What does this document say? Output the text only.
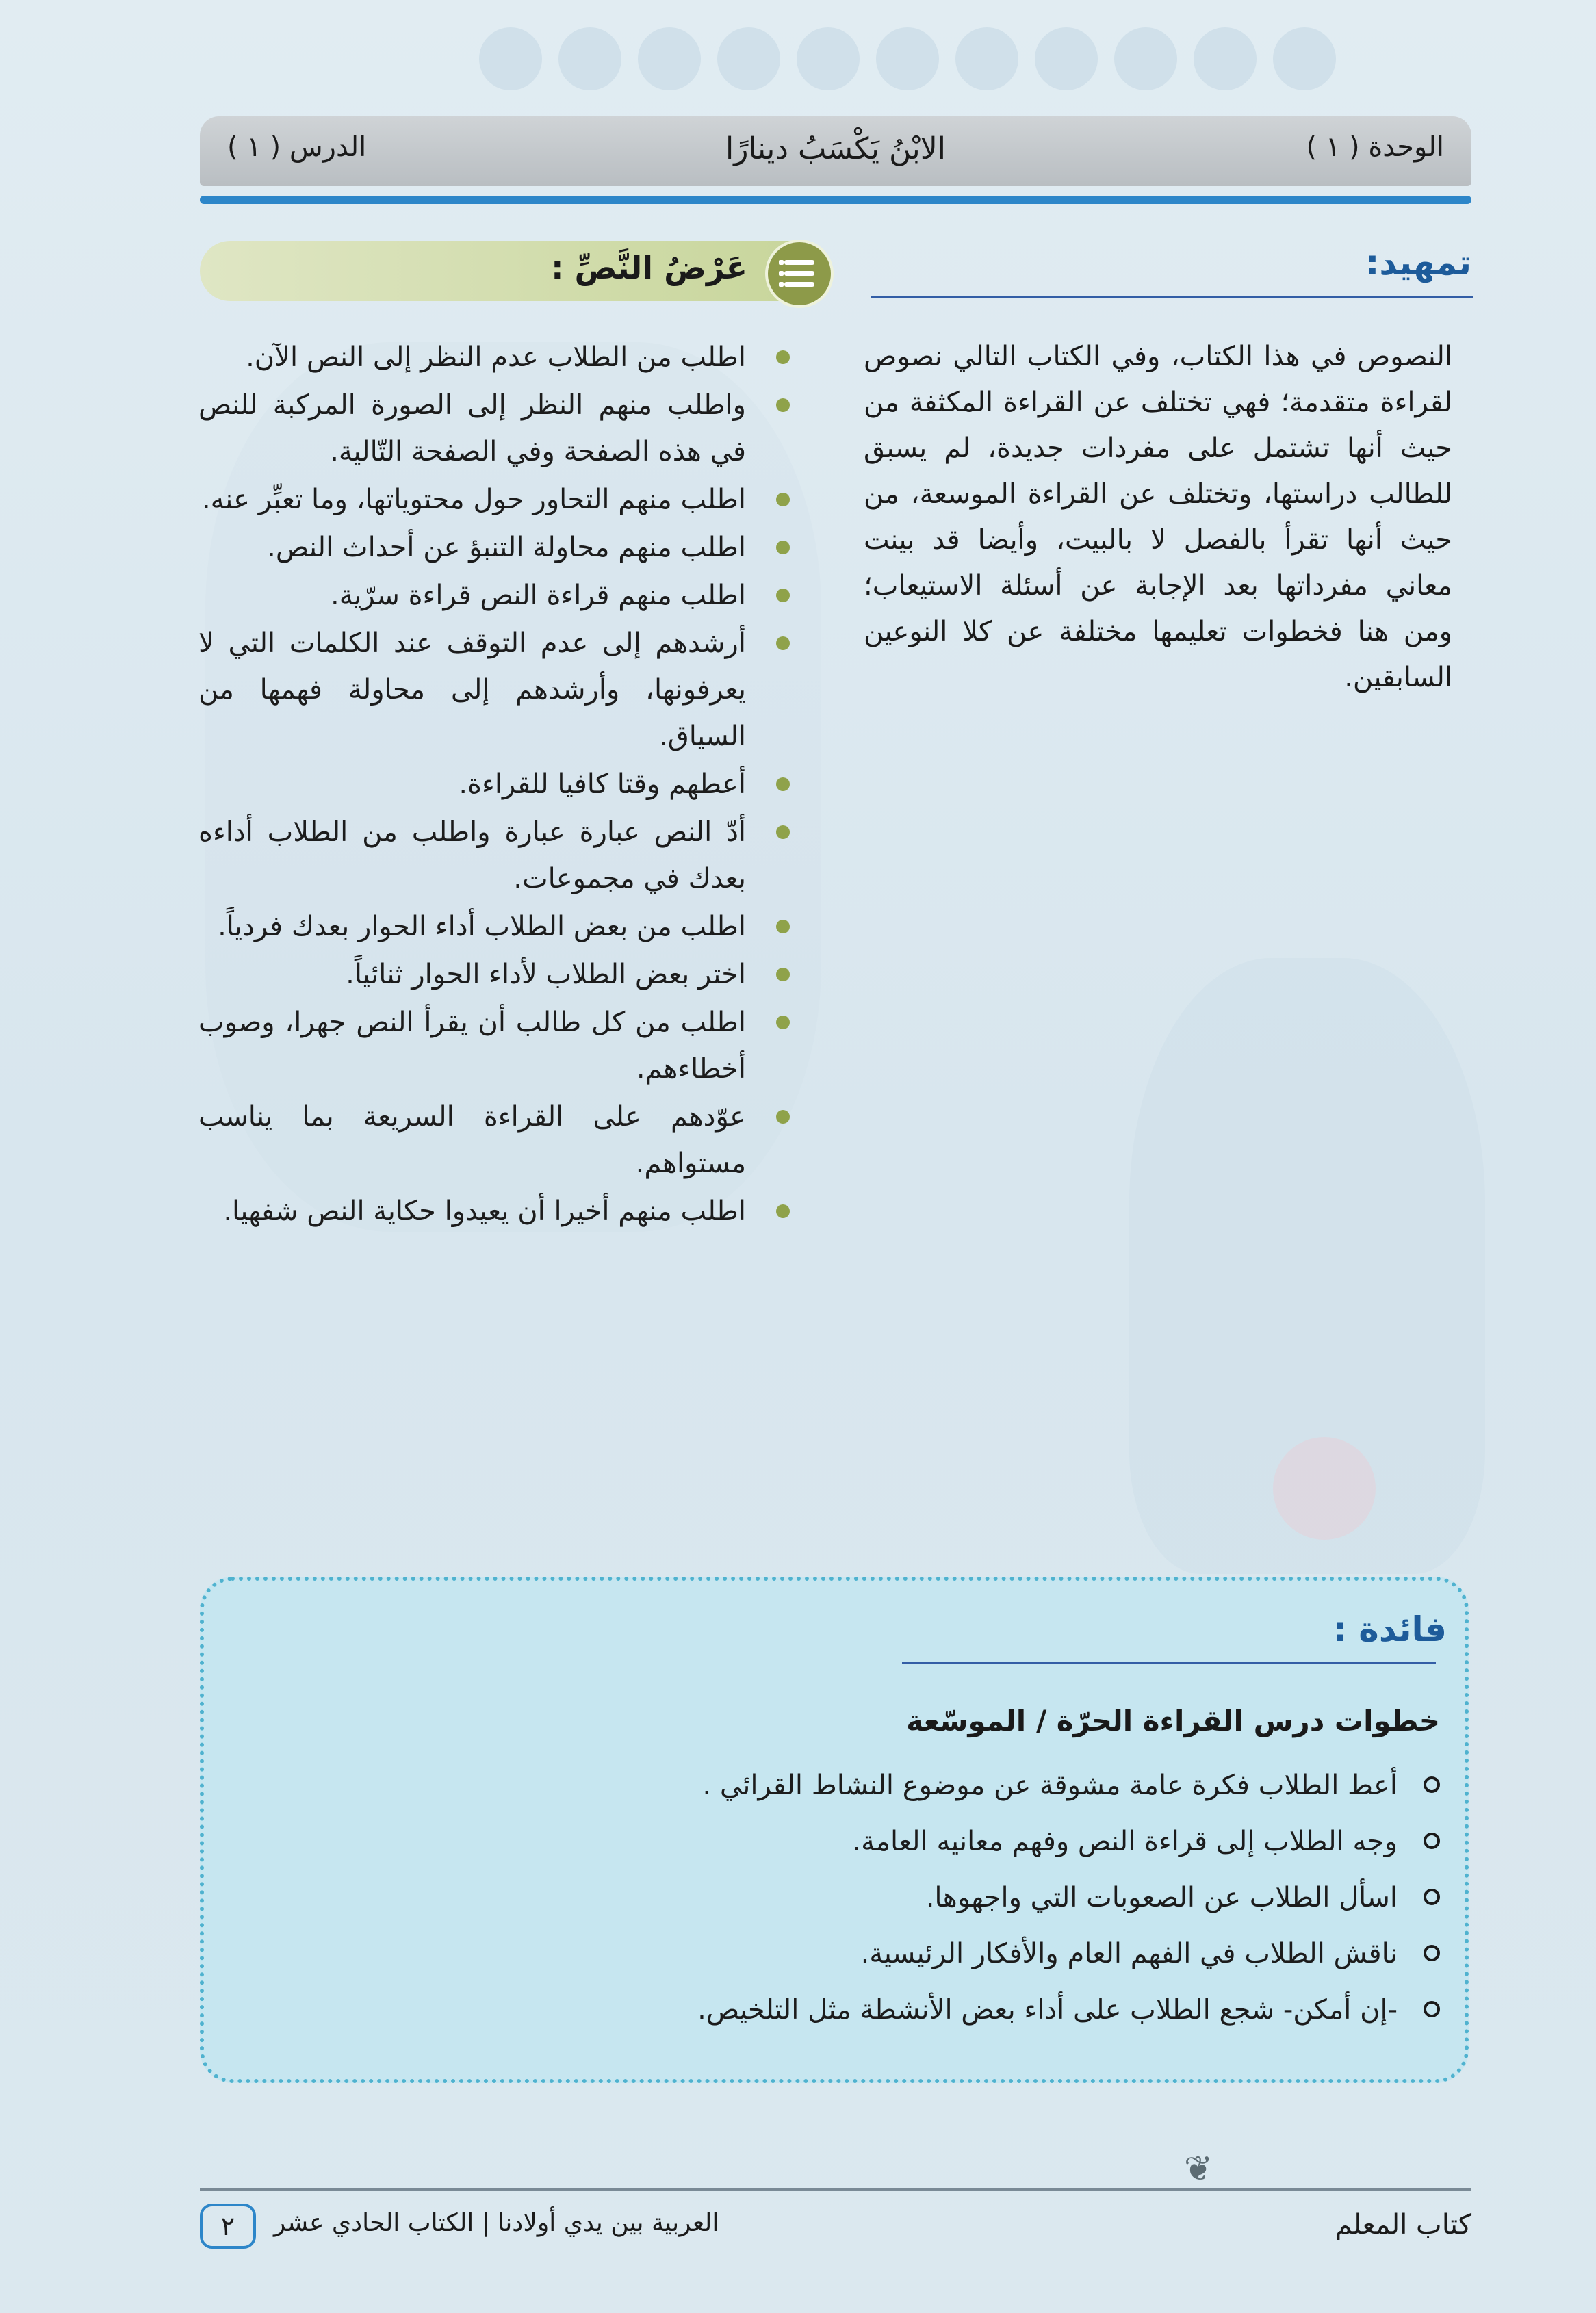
الوحدة ( ١ )
الابْنُ يَكْسَبُ دينارًا
الدرس ( ١ )
تمهيد:
النصوص في هذا الكتاب، وفي الكتاب التالي نصوص لقراءة متقدمة؛ فهي تختلف عن القراءة المكثفة من حيث أنها تشتمل على مفردات جديدة، لم يسبق للطالب دراستها، وتختلف عن القراءة الموسعة، من حيث أنها تقرأ بالفصل لا بالبيت، وأيضا قد بينت معاني مفرداتها بعد الإجابة عن أسئلة الاستيعاب؛ ومن هنا فخطوات تعليمها مختلفة عن كلا النوعين السابقين.
عَرْضُ النَّصِّ :
اطلب من الطلاب عدم النظر إلى النص الآن.
واطلب منهم النظر إلى الصورة المركبة للنص في هذه الصفحة وفي الصفحة التّالية.
اطلب منهم التحاور حول محتوياتها، وما تعبِّر عنه.
اطلب منهم محاولة التنبؤ عن أحداث النص.
اطلب منهم قراءة النص قراءة سرّية.
أرشدهم إلى عدم التوقف عند الكلمات التي لا يعرفونها، وأرشدهم إلى محاولة فهمها من السياق.
أعطهم وقتا كافيا للقراءة.
أدّ النص عبارة عبارة واطلب من الطلاب أداءه بعدك في مجموعات.
اطلب من بعض الطلاب أداء الحوار بعدك فردياً.
اختر بعض الطلاب لأداء الحوار ثنائياً.
اطلب من كل طالب أن يقرأ النص جهرا، وصوب أخطاءهم.
عوّدهم على القراءة السريعة بما يناسب مستواهم.
اطلب منهم أخيرا أن يعيدوا حكاية النص شفهيا.
فائدة :
خطوات درس القراءة الحرّة / الموسّعة
أعط الطلاب فكرة عامة مشوقة عن موضوع النشاط القرائي .
وجه الطلاب إلى قراءة النص وفهم معانيه العامة.
اسأل الطلاب عن الصعوبات التي واجهوها.
ناقش الطلاب في الفهم العام والأفكار الرئيسية.
-إن أمكن- شجع الطلاب على أداء بعض الأنشطة مثل التلخيص.
❦
كتاب المعلم
العربية بين يدي أولادنا | الكتاب الحادي عشر
٢
